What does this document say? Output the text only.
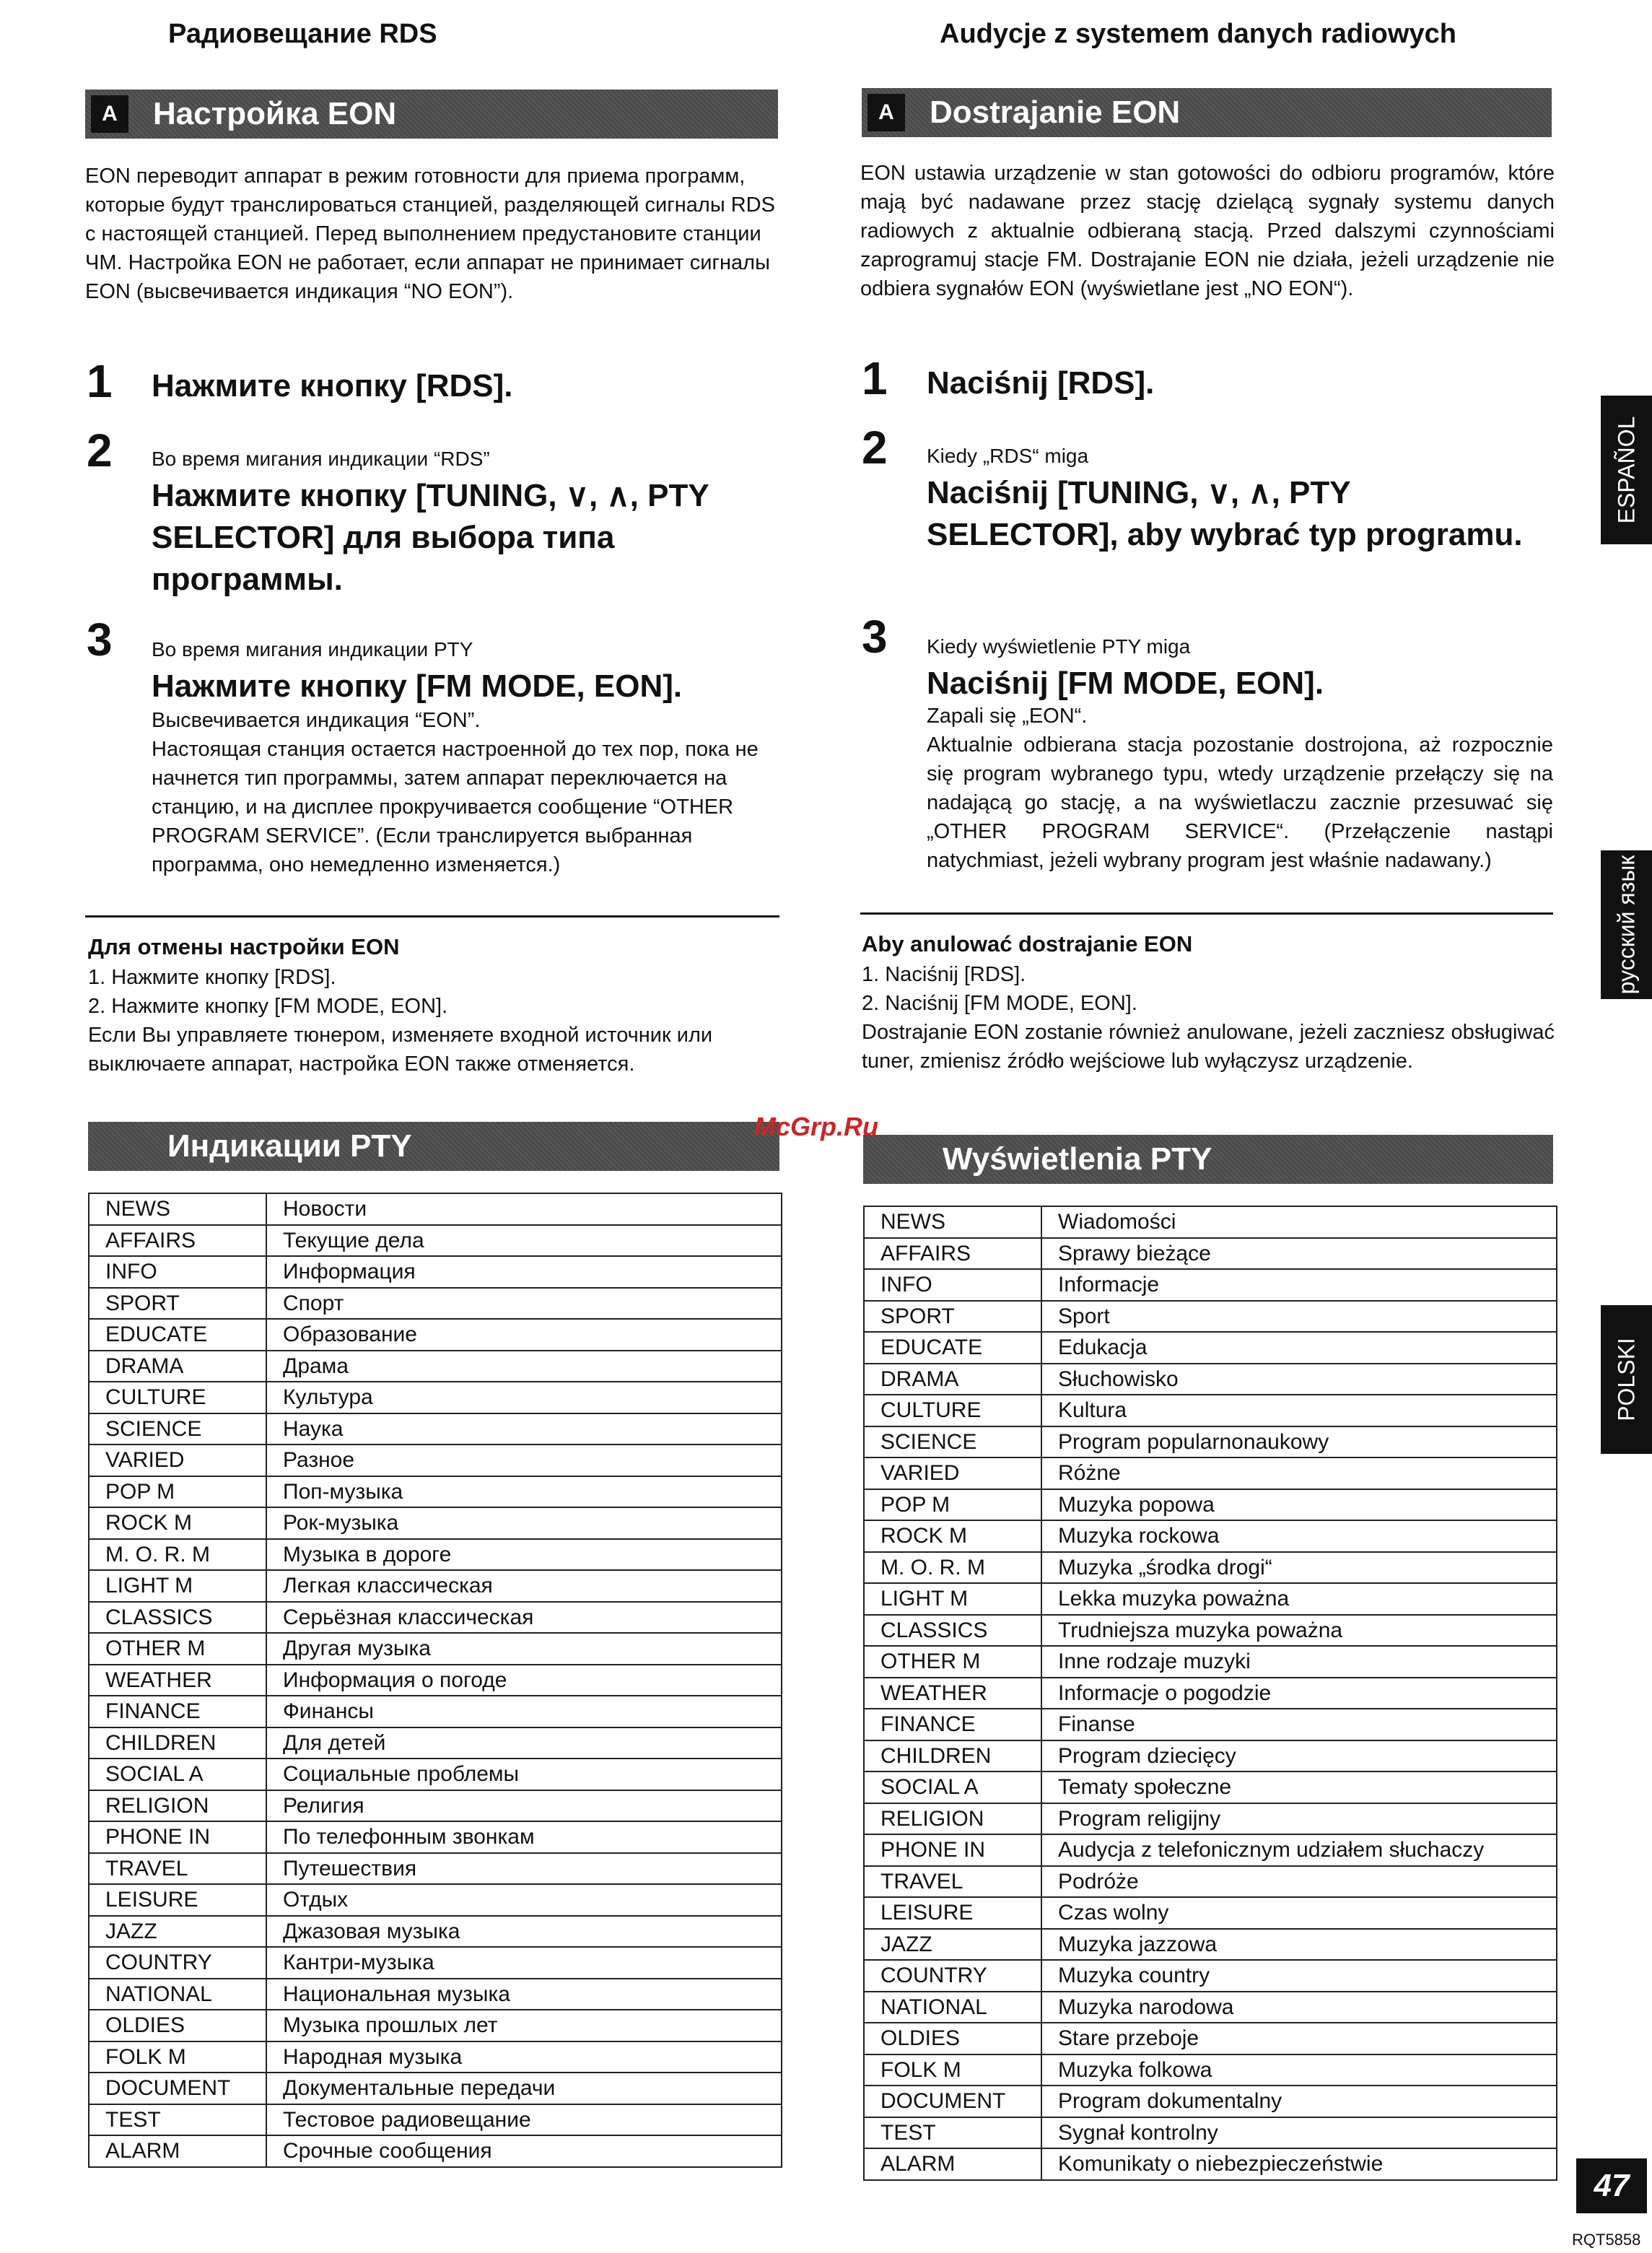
Радиовещание RDS
A	Настройка EON
EON переводит аппарат в режим готовности для приема программ, которые будут транслироваться станцией, разделяющей сигналы RDS с настоящей станцией. Перед выполнением предустановите станции ЧМ. Настройка EON не работает, если аппарат не принимает сигналы EON (высвечивается индикация “NO EON”).
1 Нажмите кнопку [RDS].
2 Во время мигания индикации “RDS”
Нажмите кнопку [TUNING, ∨, ∧, PTY SELECTOR] для выбора типа программы.
3 Во время мигания индикации PTY
Нажмите кнопку [FM MODE, EON].
Высвечивается индикация “EON”.
Настоящая станция остается настроенной до тех пор, пока не начнется тип программы, затем аппарат переключается на станцию, и на дисплее прокручивается сообщение “OTHER PROGRAM SERVICE”. (Если транслируется выбранная программа, оно немедленно изменяется.)
Для отмены настройки EON
1. Нажмите кнопку [RDS].
2. Нажмите кнопку [FM MODE, EON].
Если Вы управляете тюнером, изменяете входной источник или выключаете аппарат, настройка EON также отменяется.
Индикации PTY
NEWS	Новости
AFFAIRS	Текущие дела
INFO	Информация
SPORT	Спорт
EDUCATE	Образование
DRAMA	Драма
CULTURE	Культура
SCIENCE	Наука
VARIED	Разное
POP M	Поп-музыка
ROCK M	Рок-музыка
M. O. R. M	Музыка в дороге
LIGHT M	Легкая классическая
CLASSICS	Серьёзная классическая
OTHER M	Другая музыка
WEATHER	Информация о погоде
FINANCE	Финансы
CHILDREN	Для детей
SOCIAL A	Социальные проблемы
RELIGION	Религия
PHONE IN	По телефонным звонкам
TRAVEL	Путешествия
LEISURE	Отдых
JAZZ	Джазовая музыка
COUNTRY	Кантри-музыка
NATIONAL	Национальная музыка
OLDIES	Музыка прошлых лет
FOLK M	Народная музыка
DOCUMENT	Документальные передачи
TEST	Тестовое радиовещание
ALARM	Срочные сообщения
Audycje z systemem danych radiowych
A	Dostrajanie EON
EON ustawia urządzenie w stan gotowości do odbioru programów, które mają być nadawane przez stację dzielącą sygnały systemu danych radiowych z aktualnie odbieraną stacją. Przed dalszymi czynnościami zaprogramuj stacje FM. Dostrajanie EON nie działa, jeżeli urządzenie nie odbiera sygnałów EON (wyświetlane jest „NO EON“).
1 Naciśnij [RDS].
2 Kiedy „RDS“ miga
Naciśnij [TUNING, ∨, ∧, PTY SELECTOR], aby wybrać typ programu.
3 Kiedy wyświetlenie PTY miga
Naciśnij [FM MODE, EON].
Zapali się „EON“.
Aktualnie odbierana stacja pozostanie dostrojona, aż rozpocznie się program wybranego typu, wtedy urządzenie przełączy się na nadającą go stację, a na wyświetlaczu zacznie przesuwać się „OTHER PROGRAM SERVICE“. (Przełączenie nastąpi natychmiast, jeżeli wybrany program jest właśnie nadawany.)
Aby anulować dostrajanie EON
1. Naciśnij [RDS].
2. Naciśnij [FM MODE, EON].
Dostrajanie EON zostanie również anulowane, jeżeli zaczniesz obsługiwać tuner, zmienisz źródło wejściowe lub wyłączysz urządzenie.
Wyświetlenia PTY
NEWS	Wiadomości
AFFAIRS	Sprawy bieżące
INFO	Informacje
SPORT	Sport
EDUCATE	Edukacja
DRAMA	Słuchowisko
CULTURE	Kultura
SCIENCE	Program popularnonaukowy
VARIED	Różne
POP M	Muzyka popowa
ROCK M	Muzyka rockowa
M. O. R. M	Muzyka „środka drogi“
LIGHT M	Lekka muzyka poważna
CLASSICS	Trudniejsza muzyka poważna
OTHER M	Inne rodzaje muzyki
WEATHER	Informacje o pogodzie
FINANCE	Finanse
CHILDREN	Program dziecięcy
SOCIAL A	Tematy społeczne
RELIGION	Program religijny
PHONE IN	Audycja z telefonicznym udziałem słuchaczy
TRAVEL	Podróże
LEISURE	Czas wolny
JAZZ	Muzyka jazzowa
COUNTRY	Muzyka country
NATIONAL	Muzyka narodowa
OLDIES	Stare przeboje
FOLK M	Muzyka folkowa
DOCUMENT	Program dokumentalny
TEST	Sygnał kontrolny
ALARM	Komunikaty o niebezpieczeństwie
ESPAÑOL
русский язык
POLSKI
47
RQT5858
McGrp.Ru
